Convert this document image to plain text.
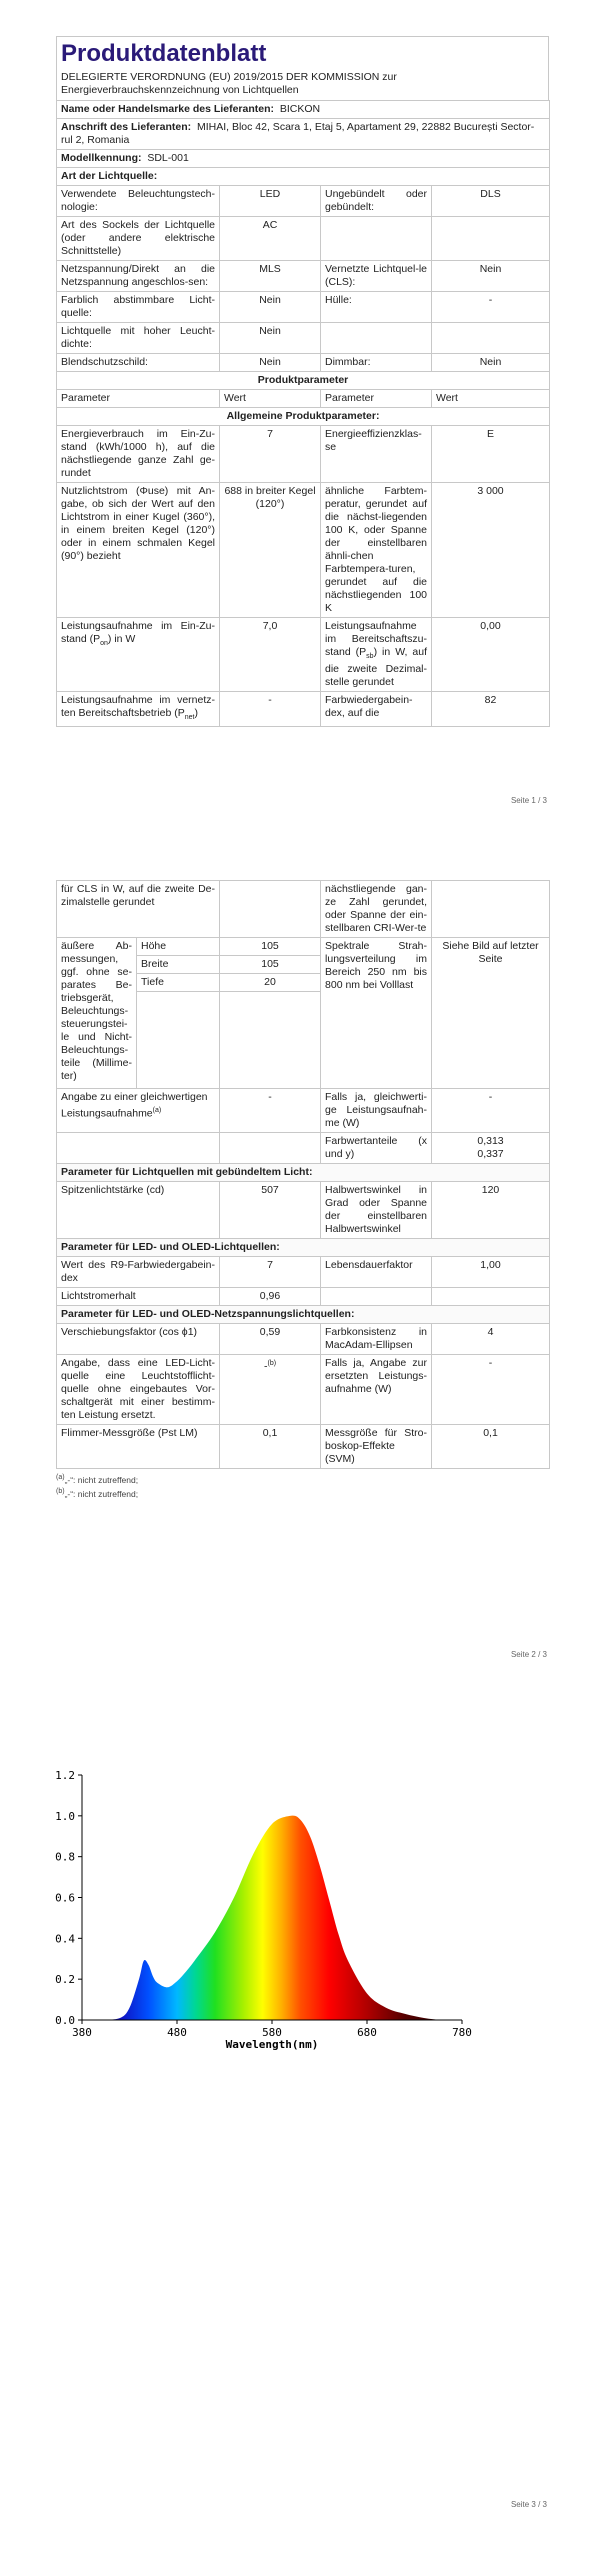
Produktdatenblatt
DELEGIERTE VERORDNUNG (EU) 2019/2015 DER KOMMISSION zur Energieverbrauchskennzeichnung von Lichtquellen
Name oder Handelsmarke des Lieferanten: BICKON			
Anschrift des Lieferanten: MIHAI, Bloc 42, Scara 1, Etaj 5, Apartament 29, 22882 București Sector-rul 2, Romania			
Modellkennung: SDL-001			
Art der Lichtquelle:			
Verwendete Beleuchtungstech-nologie:	LED	Ungebündelt oder gebündelt:	DLS
Art des Sockels der Lichtquelle (oder andere elektrische Schnittstelle)	AC		
Netzspannung/Direkt an die Netzspannung angeschlos-sen:	MLS	Vernetzte Lichtquel-le (CLS):	Nein
Farblich abstimmbare Licht-quelle:	Nein	Hülle:	-
Lichtquelle mit hoher Leucht-dichte:	Nein		
Blendschutzschild:	Nein	Dimmbar:	Nein
Produktparameter			
Parameter	Wert	Parameter	Wert
Allgemeine Produktparameter:			
Energieverbrauch im Ein-Zu-stand (kWh/1000 h), auf die nächstliegende ganze Zahl ge-rundet	7	Energieeffizienzklas-se	E
Nutzlichtstrom (Φuse) mit An-gabe, ob sich der Wert auf den Lichtstrom in einer Kugel (360°), in einem breiten Kegel (120°) oder in einem schmalen Kegel (90°) bezieht	688 in breiter Kegel (120°)	ähnliche Farbtem-peratur, gerundet auf die nächst-liegenden 100 K, oder Spanne der einstellbaren ähnli-chen Farbtempera-turen, gerundet auf die nächstliegenden 100 K	3 000
Leistungsaufnahme im Ein-Zu-stand $(P_{on})$ in W	7,0	Leistungsaufnahme im Bereitschaftszu-stand $(P_{sb})$ in W, auf die zweite Dezimal-stelle gerundet	0,00
Leistungsaufnahme im vernetz-ten Bereitschaftsbetrieb $(P_{net})$	-	Farbwiedergabein-dex, auf die	82
Seite 1 / 3
für CLS in W, auf die zweite De-zimalstelle gerundet			nächstliegende gan-ze Zahl gerundet, oder Spanne der ein-stellbaren CRI-Wer-te	
äußere Ab-messungen, ggf. ohne se-parates Be-triebsgerät, Beleuchtungs-steuerungstei-le und Nicht-Beleuchtungs-teile (Millime-ter)	Höhe	105	Spektrale Strah-lungsverteilung im Bereich 250 nm bis 800 nm bei Volllast	Siehe Bild auf letzter Seite
	Breite	105		
	Tiefe	20		

Angabe zu einer gleichwertigen Leistungsaufnahme$^{(a)}$		-	Falls ja, gleichwerti-ge Leistungsaufnah-me (W)	-
			Farbwertanteile (x und y)	0,313
0,337

Parameter für Lichtquellen mit gebündeltem Licht:				
Spitzenlichtstärke (cd)		507	Halbwertswinkel in Grad oder Spanne der einstellbaren Halbwertswinkel	120
Parameter für LED- und OLED-Lichtquellen:				
Wert des R9-Farbwiedergabein-dex		7	Lebensdauerfaktor	1,00
Lichtstromerhalt		0,96		
Parameter für LED- und OLED-Netzspannungslichtquellen:				
Verschiebungsfaktor (cos ϕ1)		0,59	Farbkonsistenz in MacAdam-Ellipsen	4
Angabe, dass eine LED-Licht-quelle eine Leuchtstofflicht-quelle ohne eingebautes Vor-schaltgerät mit einer bestimm-ten Leistung ersetzt.		-$^{(b)}$	Falls ja, Angabe zur ersetzten Leistungs-aufnahme (W)	-
Flimmer-Messgröße (Pst LM)		0,1	Messgröße für Stro-boskop-Effekte (SVM)	0,1
$^{(a)}$„-“: nicht zutreffend;
$^{(b)}$„-“: nicht zutreffend;
Seite 2 / 3
0.0
0.2
0.4
0.6
0.8
1.0
1.2
380	480	580	680	780
Wavelength(nm)
Seite 3 / 3
